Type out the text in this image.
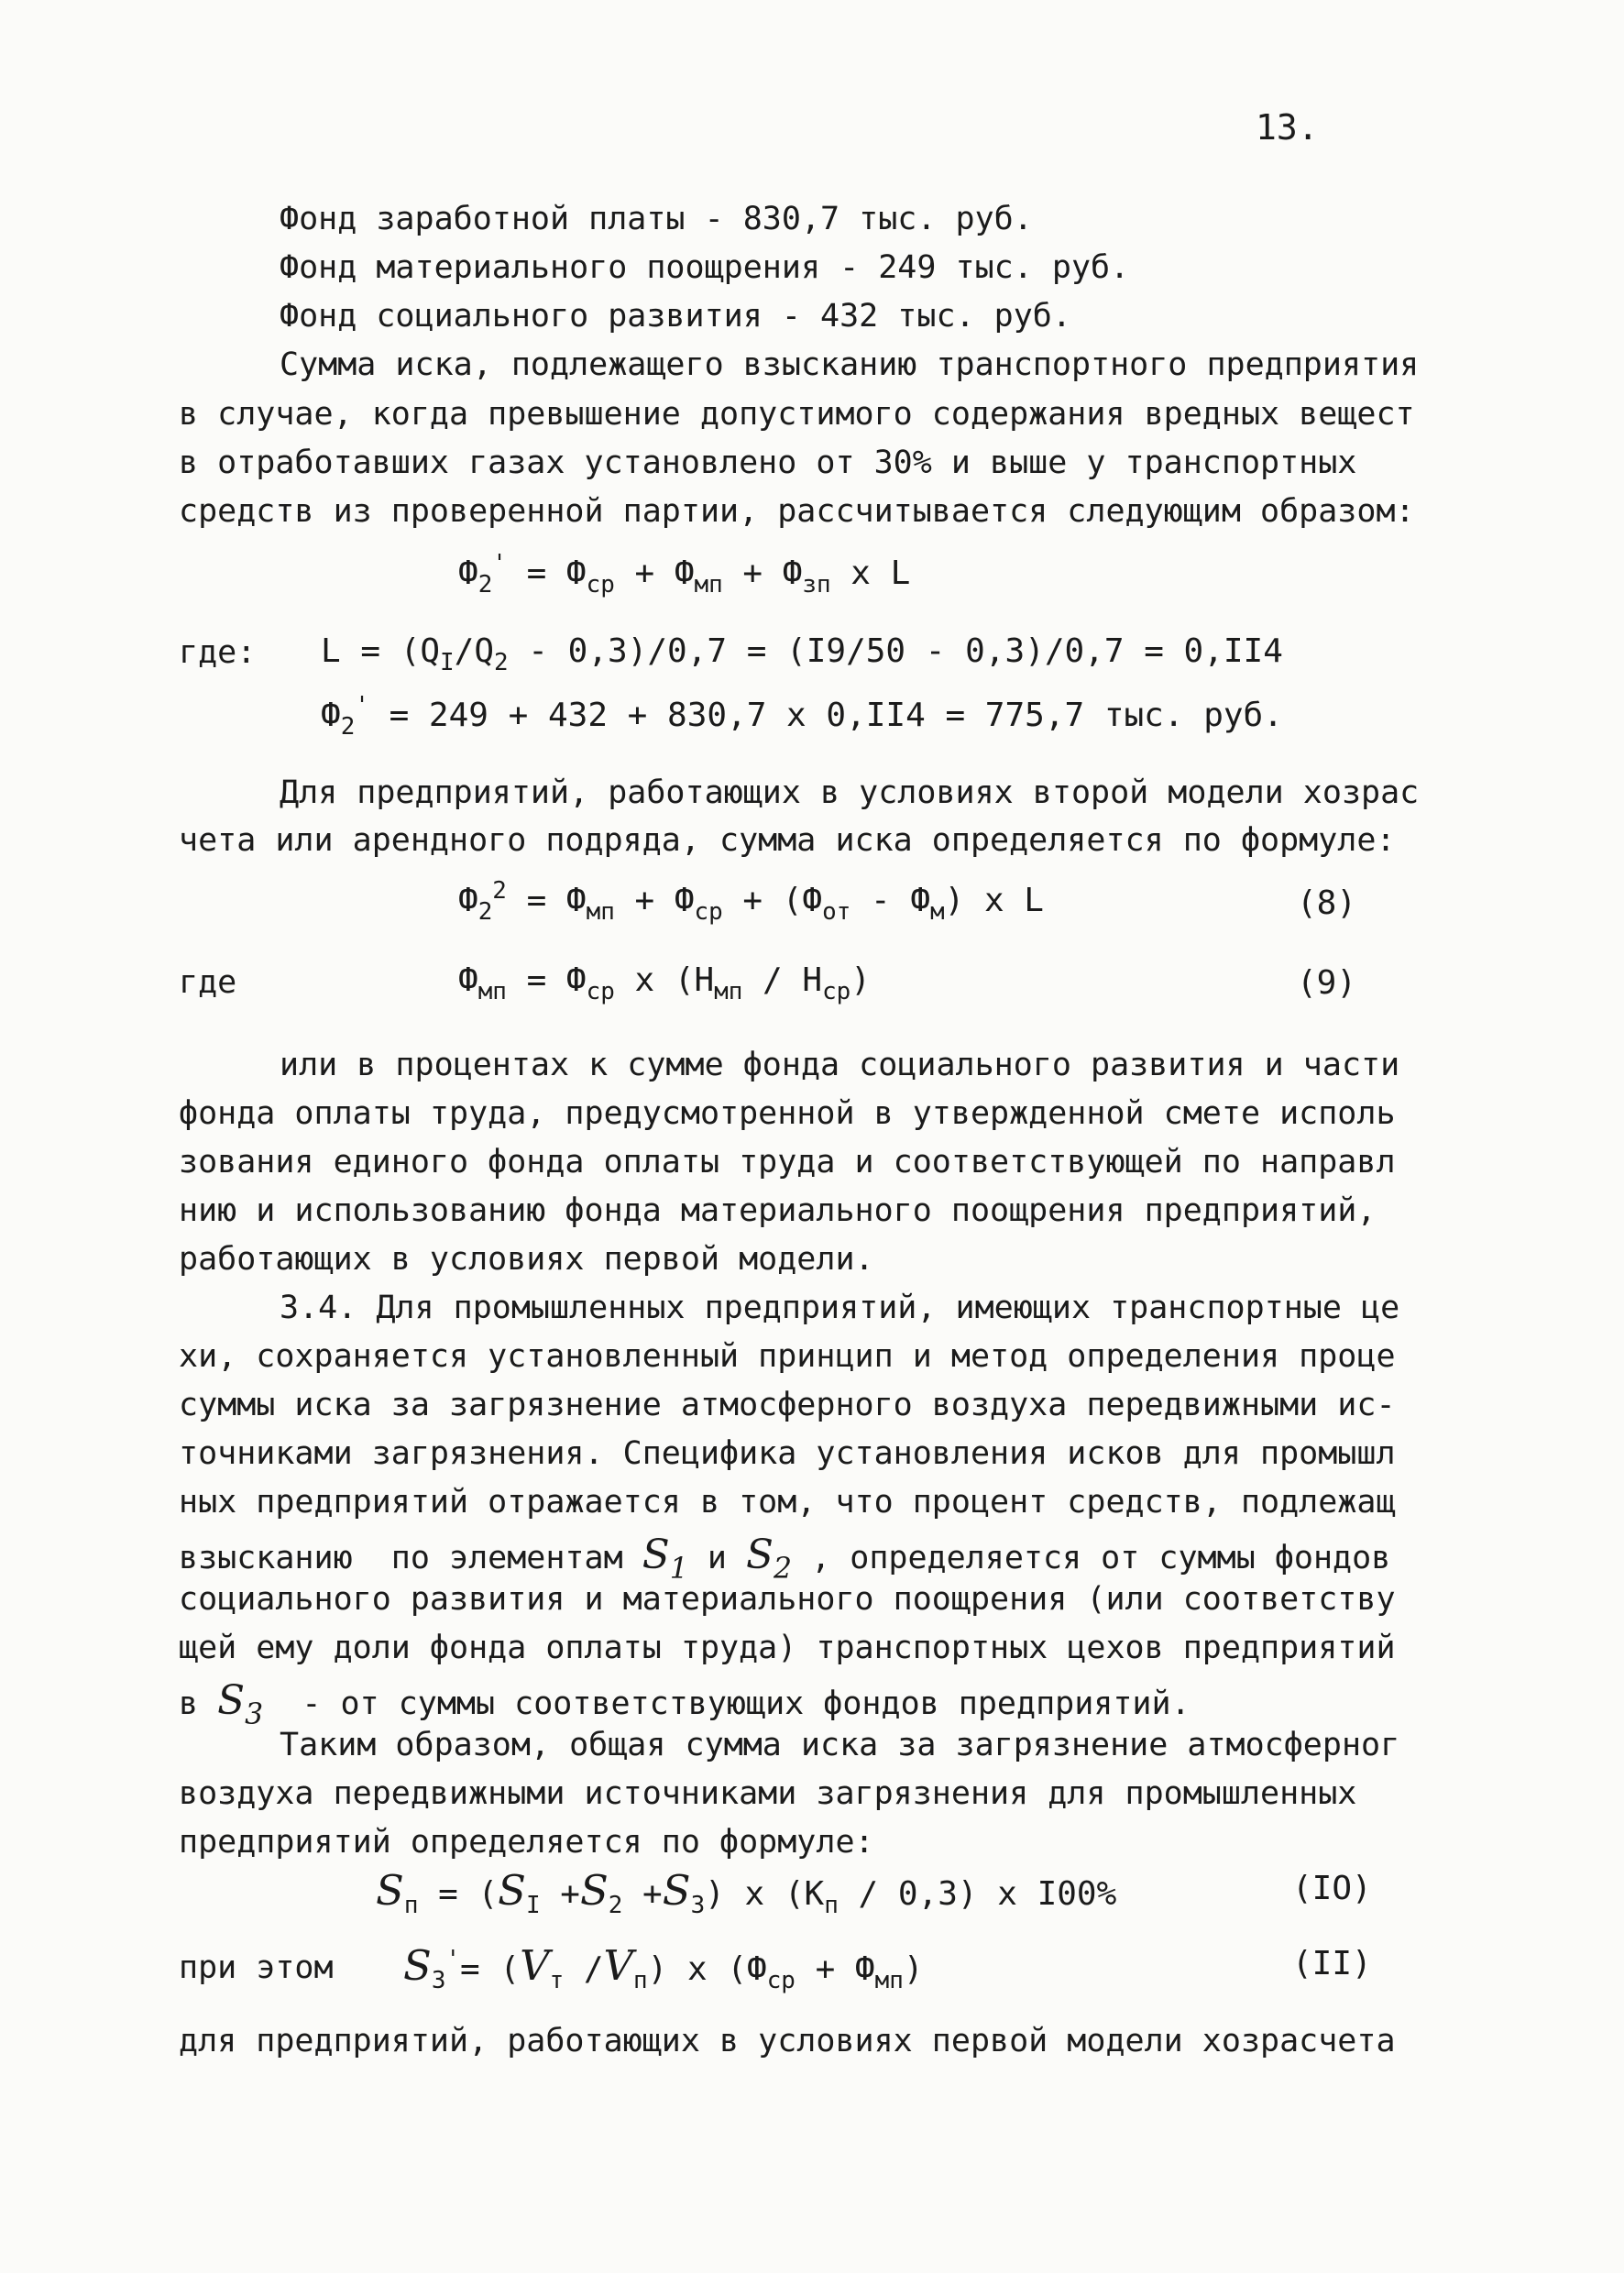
13.
Фонд заработной платы - 830,7 тыс. руб.
Фонд материального поощрения - 249 тыс. руб.
Фонд социального развития - 432 тыс. руб.
Сумма иска, подлежащего взысканию транспортного предприятия
в случае, когда превышение допустимого содержания вредных вещест
в отработавших газах установлено от 30% и выше у транспортных
средств из проверенной партии, рассчитывается следующим образом:
$Ф_2' = Ф_{ср} + Ф_{мп} + Ф_{зп}$ x L
где: $L = (Q_I/Q_2 - 0,3)/0,7 = (I9/50 - 0,3)/0,7 = 0,II4$
$Ф_2' = 249 + 432 + 830,7$ x 0,II4 = 775,7 тыс. руб.
Для предприятий, работающих в условиях второй модели хозрас
чета или арендного подряда, сумма иска определяется по формуле:
$Ф_2^2 = Ф_{мп} + Ф_{ср} + (Ф_{от} - Ф_м)$ x L	(8)
где	$Ф_{мп} = Ф_{ср}$ x $(Н_{мп} / Н_{ср})$	(9)
или в процентах к сумме фонда социального развития и части
фонда оплаты труда, предусмотренной в утвержденной смете исполь
зования единого фонда оплаты труда и соответствующей по направл
нию и использованию фонда материального поощрения предприятий,
работающих в условиях первой модели.
3.4. Для промышленных предприятий, имеющих транспортные це
хи, сохраняется установленный принцип и метод определения проце
суммы иска за загрязнение атмосферного воздуха передвижными ис-
точниками загрязнения. Специфика установления исков для промышл
ных предприятий отражается в том, что процент средств, подлежащ
взысканию  по элементам $S_1$ и $S_2$ , определяется от суммы фондов
социального развития и материального поощрения (или соответству
щей ему доли фонда оплаты труда) транспортных цехов предприятий
в $S_3$ - от суммы соответствующих фондов предприятий.
Таким образом, общая сумма иска за загрязнение атмосферног
воздуха передвижными источниками загрязнения для промышленных
предприятий определяется по формуле:
$S_п = (S_I +S_2 +S_3)$ x $(К_п / 0,3)$ x I00%	(IO)
при этом $S_3'= (V_т$ $/V_п$) x $(Ф_{ср} + Ф_{мп})$	(II)
для предприятий, работающих в условиях первой модели хозрасчета
